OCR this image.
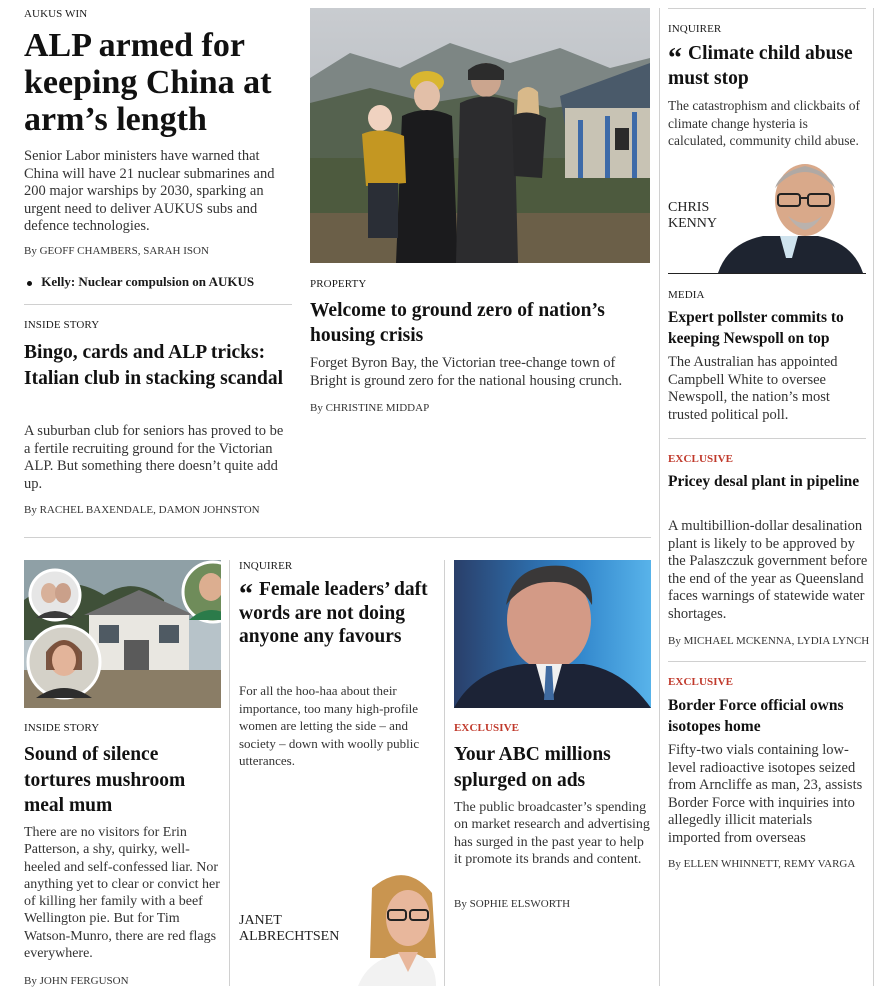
AUKUS WIN
ALP armed for keeping China at arm’s length

Senior Labor ministers have warned that China will have 21 nuclear submarines and 200 major warships by 2030, sparking an urgent need to deliver AUKUS subs and defence technologies.

By GEOFF CHAMBERS, SARAH ISON
Kelly: Nuclear compulsion on AUKUS
INSIDE STORY
Bingo, cards and ALP tricks: Italian club in stacking scandal

A suburban club for seniors has proved to be a fertile recruiting ground for the Victorian ALP. But something there doesn’t quite add up.

By RACHEL BAXENDALE, DAMON JOHNSTON
PROPERTY
Welcome to ground zero of nation’s housing crisis

Forget Byron Bay, the Victorian tree-change town of Bright is ground zero for the national housing crunch.

By CHRISTINE MIDDAP
INQUIRER
“ Climate child abuse must stop

The catastrophism and clickbaits of climate change hysteria is calculated, community child abuse.

CHRIS
KENNY
MEDIA
Expert pollster commits to keeping Newspoll on top

The Australian has appointed Campbell White to oversee Newspoll, the nation’s most trusted political poll.

EXCLUSIVE
Pricey desal plant in pipeline

A multibillion-dollar desalination plant is likely to be approved by the Palaszczuk government before the end of the year as Queensland faces warnings of statewide water shortages.

By MICHAEL MCKENNA, LYDIA LYNCH
EXCLUSIVE
Border Force official owns isotopes home

Fifty-two vials containing low-level radioactive isotopes seized from Arncliffe as man, 23, assists Border Force with inquiries into allegedly illicit materials imported from overseas

By ELLEN WHINNETT, REMY VARGA
INSIDE STORY
Sound of silence tortures mushroom meal mum

There are no visitors for Erin Patterson, a shy, quirky, well-heeled and self-confessed liar. Nor anything yet to clear or convict her of killing her family with a beef Wellington pie. But for Tim Watson-Munro, there are red flags everywhere.

By JOHN FERGUSON
INQUIRER
“ Female leaders’ daft words are not doing anyone any favours

For all the hoo-haa about their importance, too many high-profile women are letting the side – and society – down with woolly public utterances.

JANET
ALBRECHTSEN
EXCLUSIVE
Your ABC millions splurged on ads

The public broadcaster’s spending on market research and advertising has surged in the past year to help it promote its brands and content.

By SOPHIE ELSWORTH
